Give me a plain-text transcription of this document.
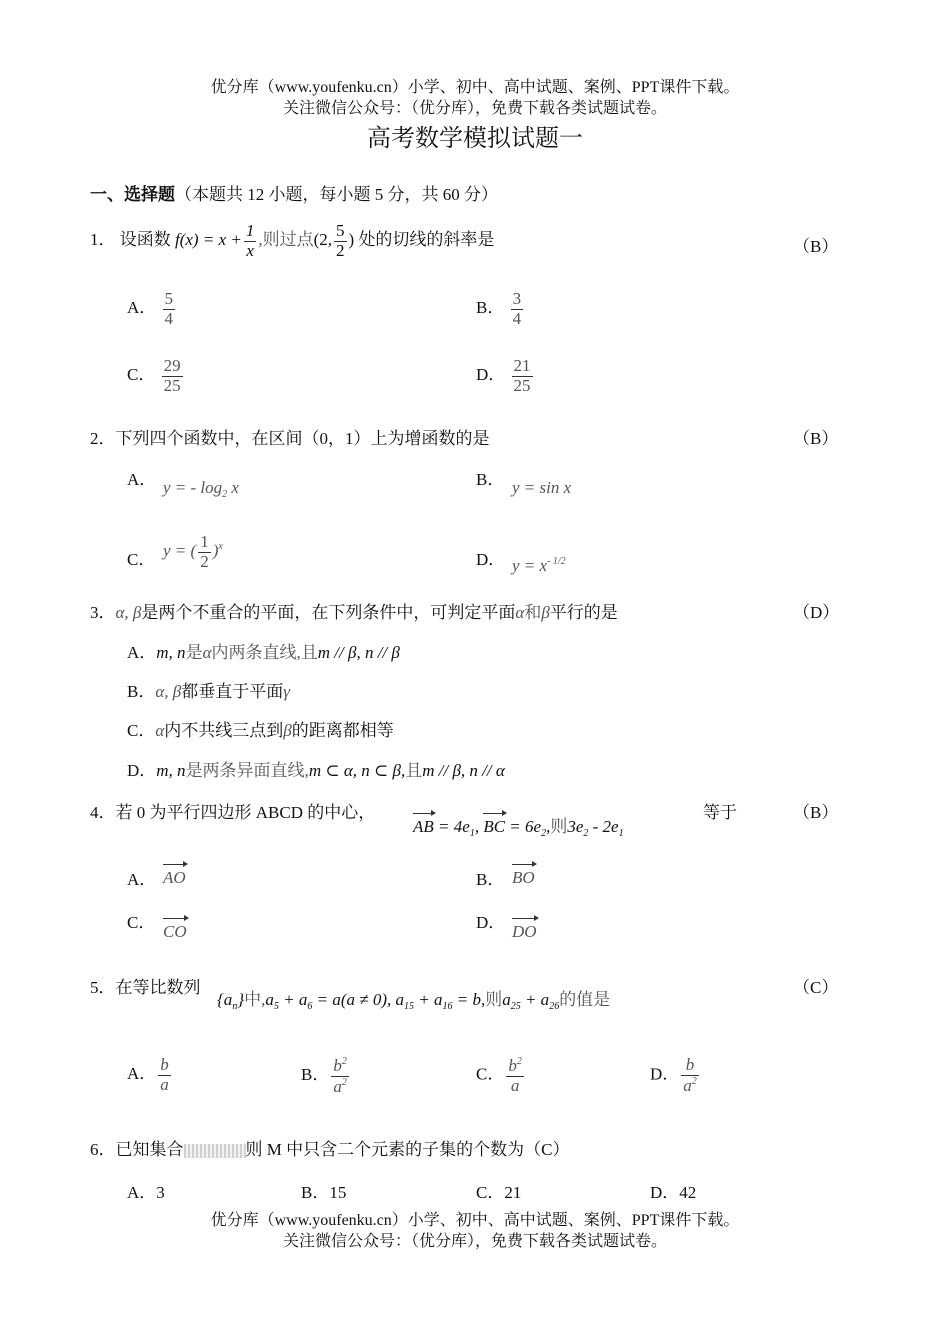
优分库（www.youfenku.cn）小学、初中、高中试题、案例、PPT课件下载。
关注微信公众号：（优分库），免费下载各类试题试卷。
高考数学模拟试题一
一、选择题（本题共 12 小题，每小题 5 分，共 60 分）
1． 设函数 $f(x) = x + \frac{1}{x}$ ,则过点(2, $\frac{5}{2}$ ) 处的切线的斜率是	（B）
A． $\frac{5}{4}$	B． $\frac{3}{4}$
C． $\frac{29}{25}$	D． $\frac{21}{25}$
2．下列四个函数中，在区间（0，1）上为增函数的是	（B）
A． y = - $\log_2 x$	B． y = sin x
C． y = ( $\frac{1}{2} )^x$
D． $y = x^{- 1/2}$
3．α, β是两个不重合的平面，在下列条件中，可判定平面α和β平行的是	（D）
A．m, n是α内两条直线,且m // β, n // β
B．α, β都垂直于平面γ
C．α内不共线三点到β的距离都相等
D．m, n是两条异面直线,m ⊂ α, n ⊂ β,且m // β, n // α
4．若 0 为平行四边形 ABCD 的中心，
AB = $4e_1$, BC = $6e_2$,则$3e_2 - 2e_1$
等于	（B）
A． AO	B． BO
C． CO	D． DO
5．在等比数列
$\{a_n\}$中$,a_5 + a_6 = a(a \ne 0)$, $a_{15} + a_{16} = b$,则$a_{25} + a_{26}$的值是
（C）
A． $\frac{b}{a}$	B． $\frac{b^2}{a^2}$	C． $\frac{b^2}{a}$	D． $\frac{b}{a^2}$
6．已知集合	则 M 中只含二个元素的子集的个数为（C）
A．3	B．15	C．21	D．42
优分库（www.youfenku.cn）小学、初中、高中试题、案例、PPT课件下载。
关注微信公众号：（优分库），免费下载各类试题试卷。
